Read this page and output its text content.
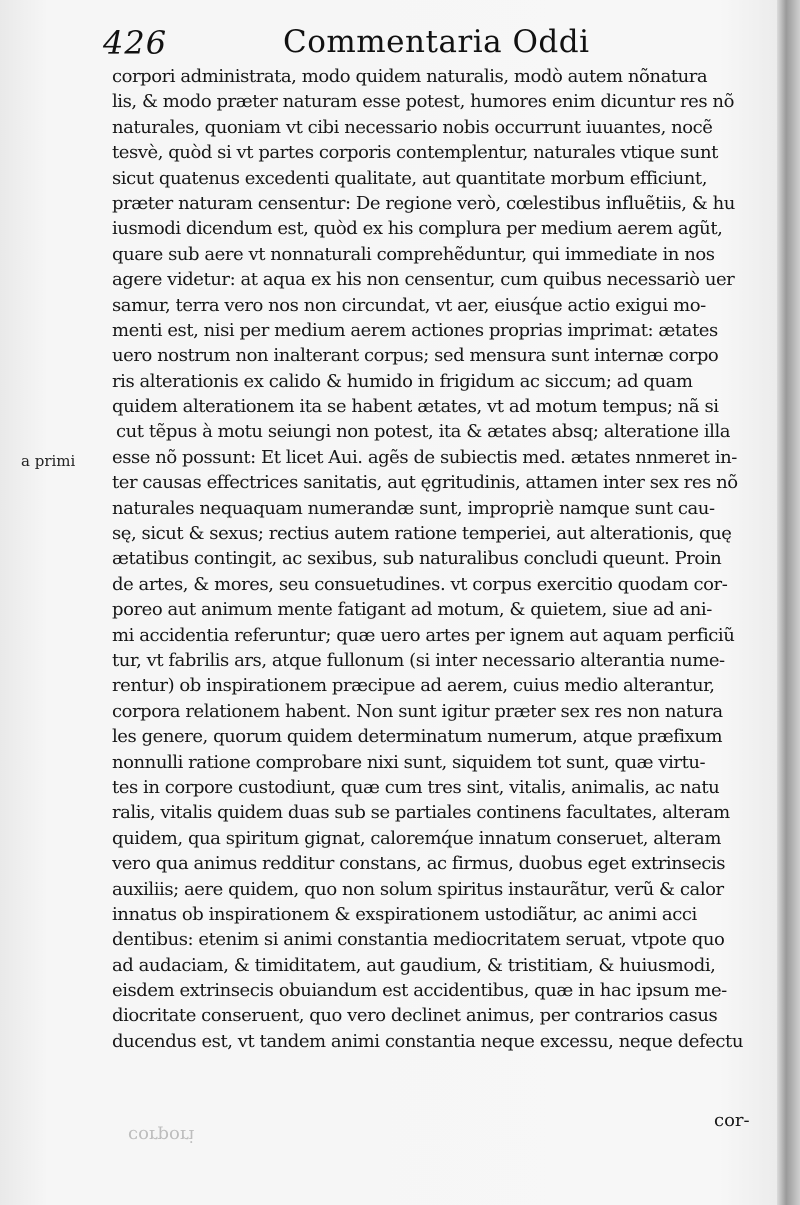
426	Commentaria Oddi
a primi
corpori administrata, modo quidem naturalis, modò autem nõnatura
lis, & modo prӕter naturam esse potest, humores enim dicuntur res nõ
naturales, quoniam vt cibi necessario nobis occurrunt iuuantes, nocẽ
tesvè, quòd si vt partes corporis contemplentur, naturales vtique sunt
sicut quatenus excedenti qualitate, aut quantitate morbum efficiunt,
prӕter naturam censentur: De regione verò, cœlestibus influẽtiis, & hu
iusmodi dicendum est, quòd ex his complura per medium aerem agũt,
quare sub aere vt nonnaturali comprehẽduntur, qui immediate in nos
agere videtur: at aqua ex his non censentur, cum quibus necessariò uer
samur, terra vero nos non circundat, vt aer, eiusq́ue actio exigui mo-
menti est, nisi per medium aerem actiones proprias imprimat: ӕtates
uero nostrum non inalterant corpus; sed mensura sunt internӕ corpo
ris alterationis ex calido & humido in frigidum ac siccum; ad quam
quidem alterationem ita se habent ӕtates, vt ad motum tempus; nã si
cut tẽpus à motu seiungi non potest, ita & ӕtates absq; alteratione illa
esse nõ possunt: Et licet Aui. agẽs de subiectis med. ӕtates nnmeret in-
ter causas effectrices sanitatis, aut ęgritudinis, attamen inter sex res nõ
naturales nequaquam numerandӕ sunt, impropriè namque sunt cau-
sę, sicut & sexus; rectius autem ratione temperiei, aut alterationis, quę
ӕtatibus contingit, ac sexibus, sub naturalibus concludi queunt. Proin
de artes, & mores, seu consuetudines. vt corpus exercitio quodam cor-
poreo aut animum mente fatigant ad motum, & quietem, siue ad ani-
mi accidentia referuntur; quӕ uero artes per ignem aut aquam perficiũ
tur, vt fabrilis ars, atque fullonum (si inter necessario alterantia nume-
rentur) ob inspirationem prӕcipue ad aerem, cuius medio alterantur,
corpora relationem habent. Non sunt igitur prӕter sex res non natura
les genere, quorum quidem determinatum numerum, atque prӕfixum
nonnulli ratione comprobare nixi sunt, siquidem tot sunt, quӕ virtu-
tes in corpore custodiunt, quӕ cum tres sint, vitalis, animalis, ac natu
ralis, vitalis quidem duas sub se partiales continens facultates, alteram
quidem, qua spiritum gignat, caloremq́ue innatum conseruet, alteram
vero qua animus redditur constans, ac firmus, duobus eget extrinsecis
auxiliis; aere quidem, quo non solum spiritus instaurãtur, verũ & calor
innatus ob inspirationem & exspirationem ustodiãtur, ac animi acci
dentibus: etenim si animi constantia mediocritatem seruat, vtpote quo
ad audaciam, & timiditatem, aut gaudium, & tristitiam, & huiusmodi,
eisdem extrinsecis obuiandum est accidentibus, quӕ in hac ipsum me-
diocritate conseruent, quo vero declinet animus, per contrarios casus
ducendus est, vt tandem animi constantia neque excessu, neque defectu
cor-
corpori
